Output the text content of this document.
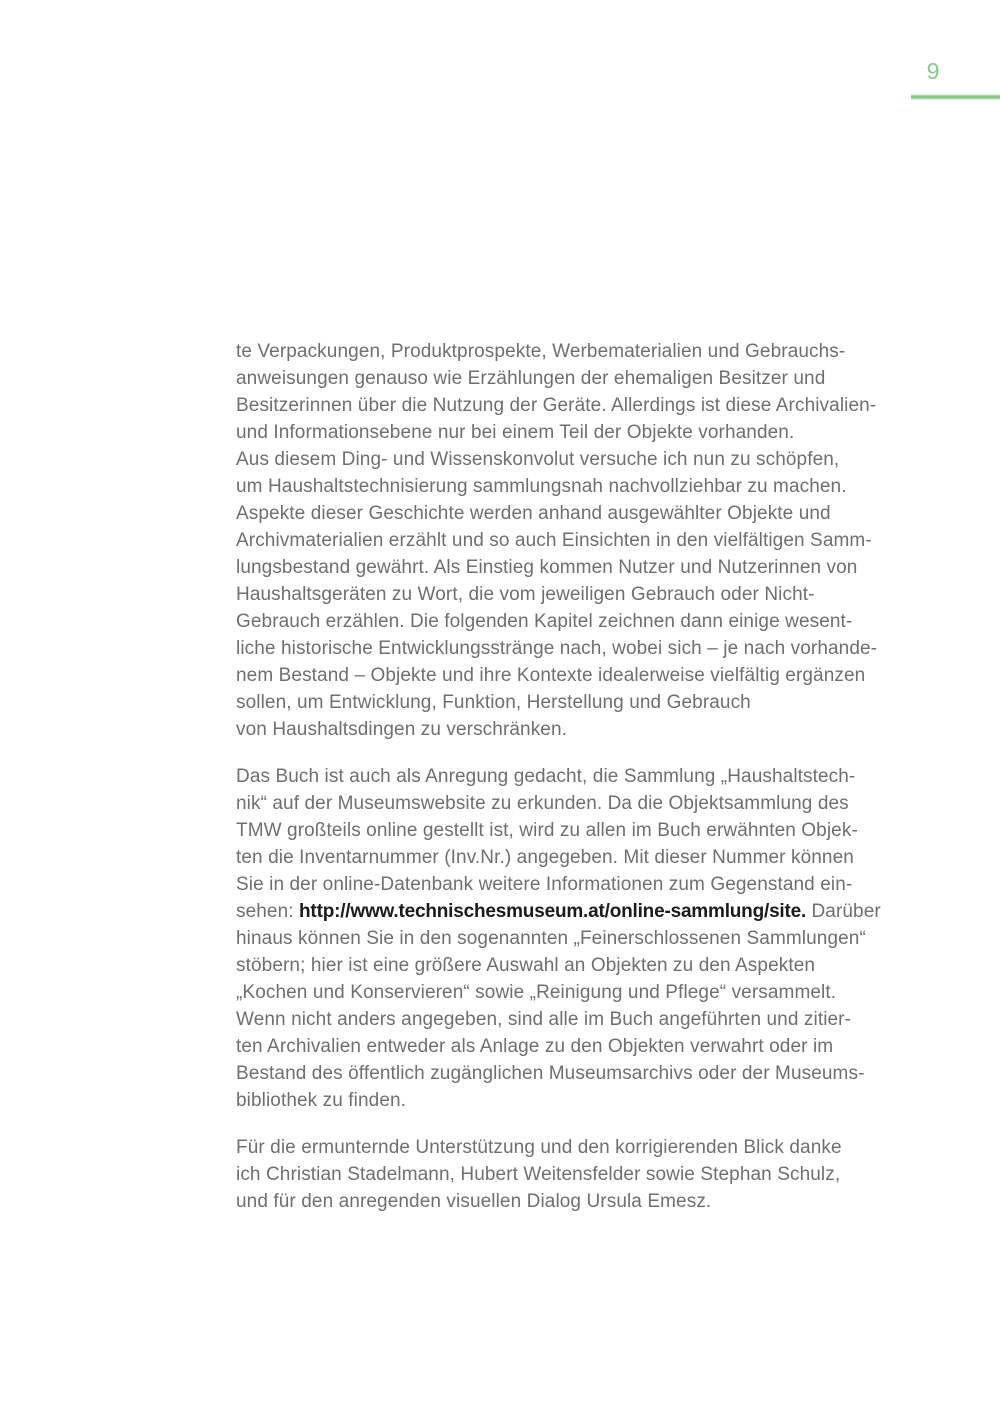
9
te Verpackungen, Produktprospekte, Werbematerialien und Gebrauchs-
anweisungen genauso wie Erzählungen der ehemaligen Besitzer und
Besitzerinnen über die Nutzung der Geräte. Allerdings ist diese Archivalien-
und Informationsebene nur bei einem Teil der Objekte vorhanden.
Aus diesem Ding- und Wissenskonvolut versuche ich nun zu schöpfen,
um Haushaltstechnisierung sammlungsnah nachvollziehbar zu machen.
Aspekte dieser Geschichte werden anhand ausgewählter Objekte und
Archivmaterialien erzählt und so auch Einsichten in den vielfältigen Samm-
lungsbestand gewährt. Als Einstieg kommen Nutzer und Nutzerinnen von
Haushaltsgeräten zu Wort, die vom jeweiligen Gebrauch oder Nicht-
Gebrauch erzählen. Die folgenden Kapitel zeichnen dann einige wesent-
liche historische Entwicklungsstränge nach, wobei sich – je nach vorhande-
nem Bestand – Objekte und ihre Kontexte idealerweise vielfältig ergänzen
sollen, um Entwicklung, Funktion, Herstellung und Gebrauch
von Haushaltsdingen zu verschränken.
Das Buch ist auch als Anregung gedacht, die Sammlung „Haushaltstech-
nik“ auf der Museumswebsite zu erkunden. Da die Objektsammlung des
TMW großteils online gestellt ist, wird zu allen im Buch erwähnten Objek-
ten die Inventarnummer (Inv.Nr.) angegeben. Mit dieser Nummer können
Sie in der online-Datenbank weitere Informationen zum Gegenstand ein-
sehen: http://www.technischesmuseum.at/online-sammlung/site. Darüber
hinaus können Sie in den sogenannten „Feinerschlossenen Sammlungen“
stöbern; hier ist eine größere Auswahl an Objekten zu den Aspekten
„Kochen und Konservieren“ sowie „Reinigung und Pflege“ versammelt.
Wenn nicht anders angegeben, sind alle im Buch angeführten und zitier-
ten Archivalien entweder als Anlage zu den Objekten verwahrt oder im
Bestand des öffentlich zugänglichen Museumsarchivs oder der Museums-
bibliothek zu finden.
Für die ermunternde Unterstützung und den korrigierenden Blick danke
ich Christian Stadelmann, Hubert Weitensfelder sowie Stephan Schulz,
und für den anregenden visuellen Dialog Ursula Emesz.
